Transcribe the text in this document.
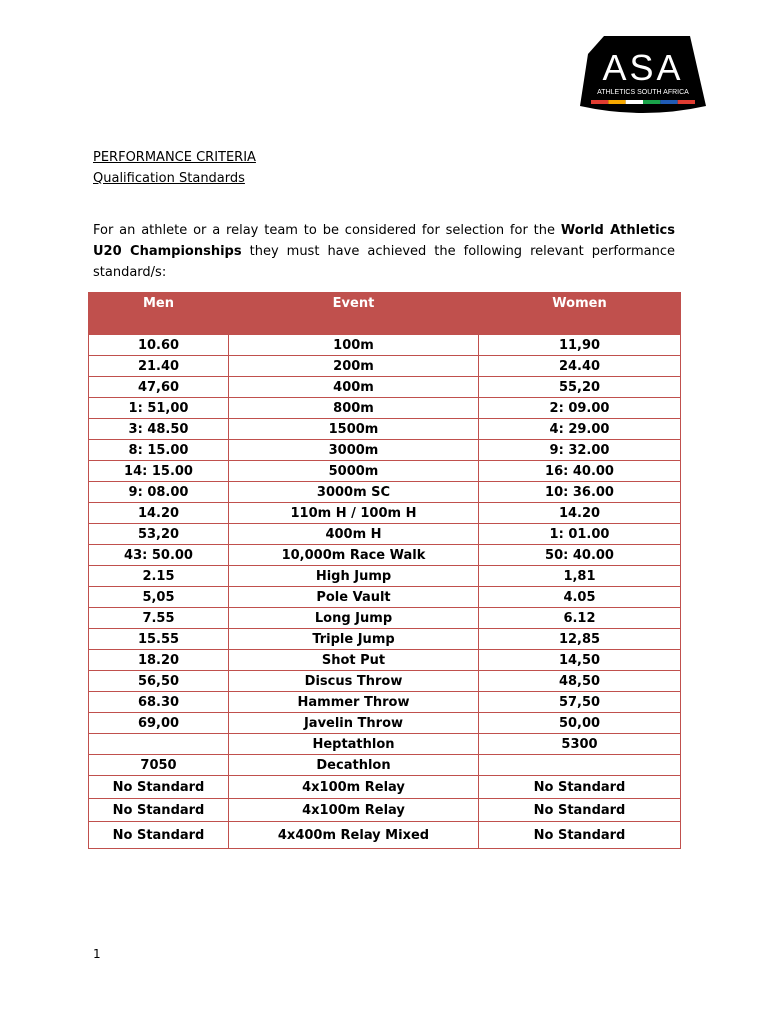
ASA
ATHLETICS SOUTH AFRICA
PERFORMANCE CRITERIA
Qualification Standards

For an athlete or a relay team to be considered for selection for the World Athletics U20 Championships they must have achieved the following relevant performance standard/s:

Men	Event	Women
10.60	100m	11,90
21.40	200m	24.40
47,60	400m	55,20
1: 51,00	800m	2: 09.00
3: 48.50	1500m	4: 29.00
8: 15.00	3000m	9: 32.00
14: 15.00	5000m	16: 40.00
9: 08.00	3000m SC	10: 36.00
14.20	110m H / 100m H	14.20
53,20	400m H	1: 01.00
43: 50.00	10,000m Race Walk	50: 40.00
2.15	High Jump	1,81
5,05	Pole Vault	4.05
7.55	Long Jump	6.12
15.55	Triple Jump	12,85
18.20	Shot Put	14,50
56,50	Discus Throw	48,50
68.30	Hammer Throw	57,50
69,00	Javelin Throw	50,00
	Heptathlon	5300
7050	Decathlon	
No Standard	4x100m Relay	No Standard
No Standard	4x100m Relay	No Standard
No Standard	4x400m Relay Mixed	No Standard
1
